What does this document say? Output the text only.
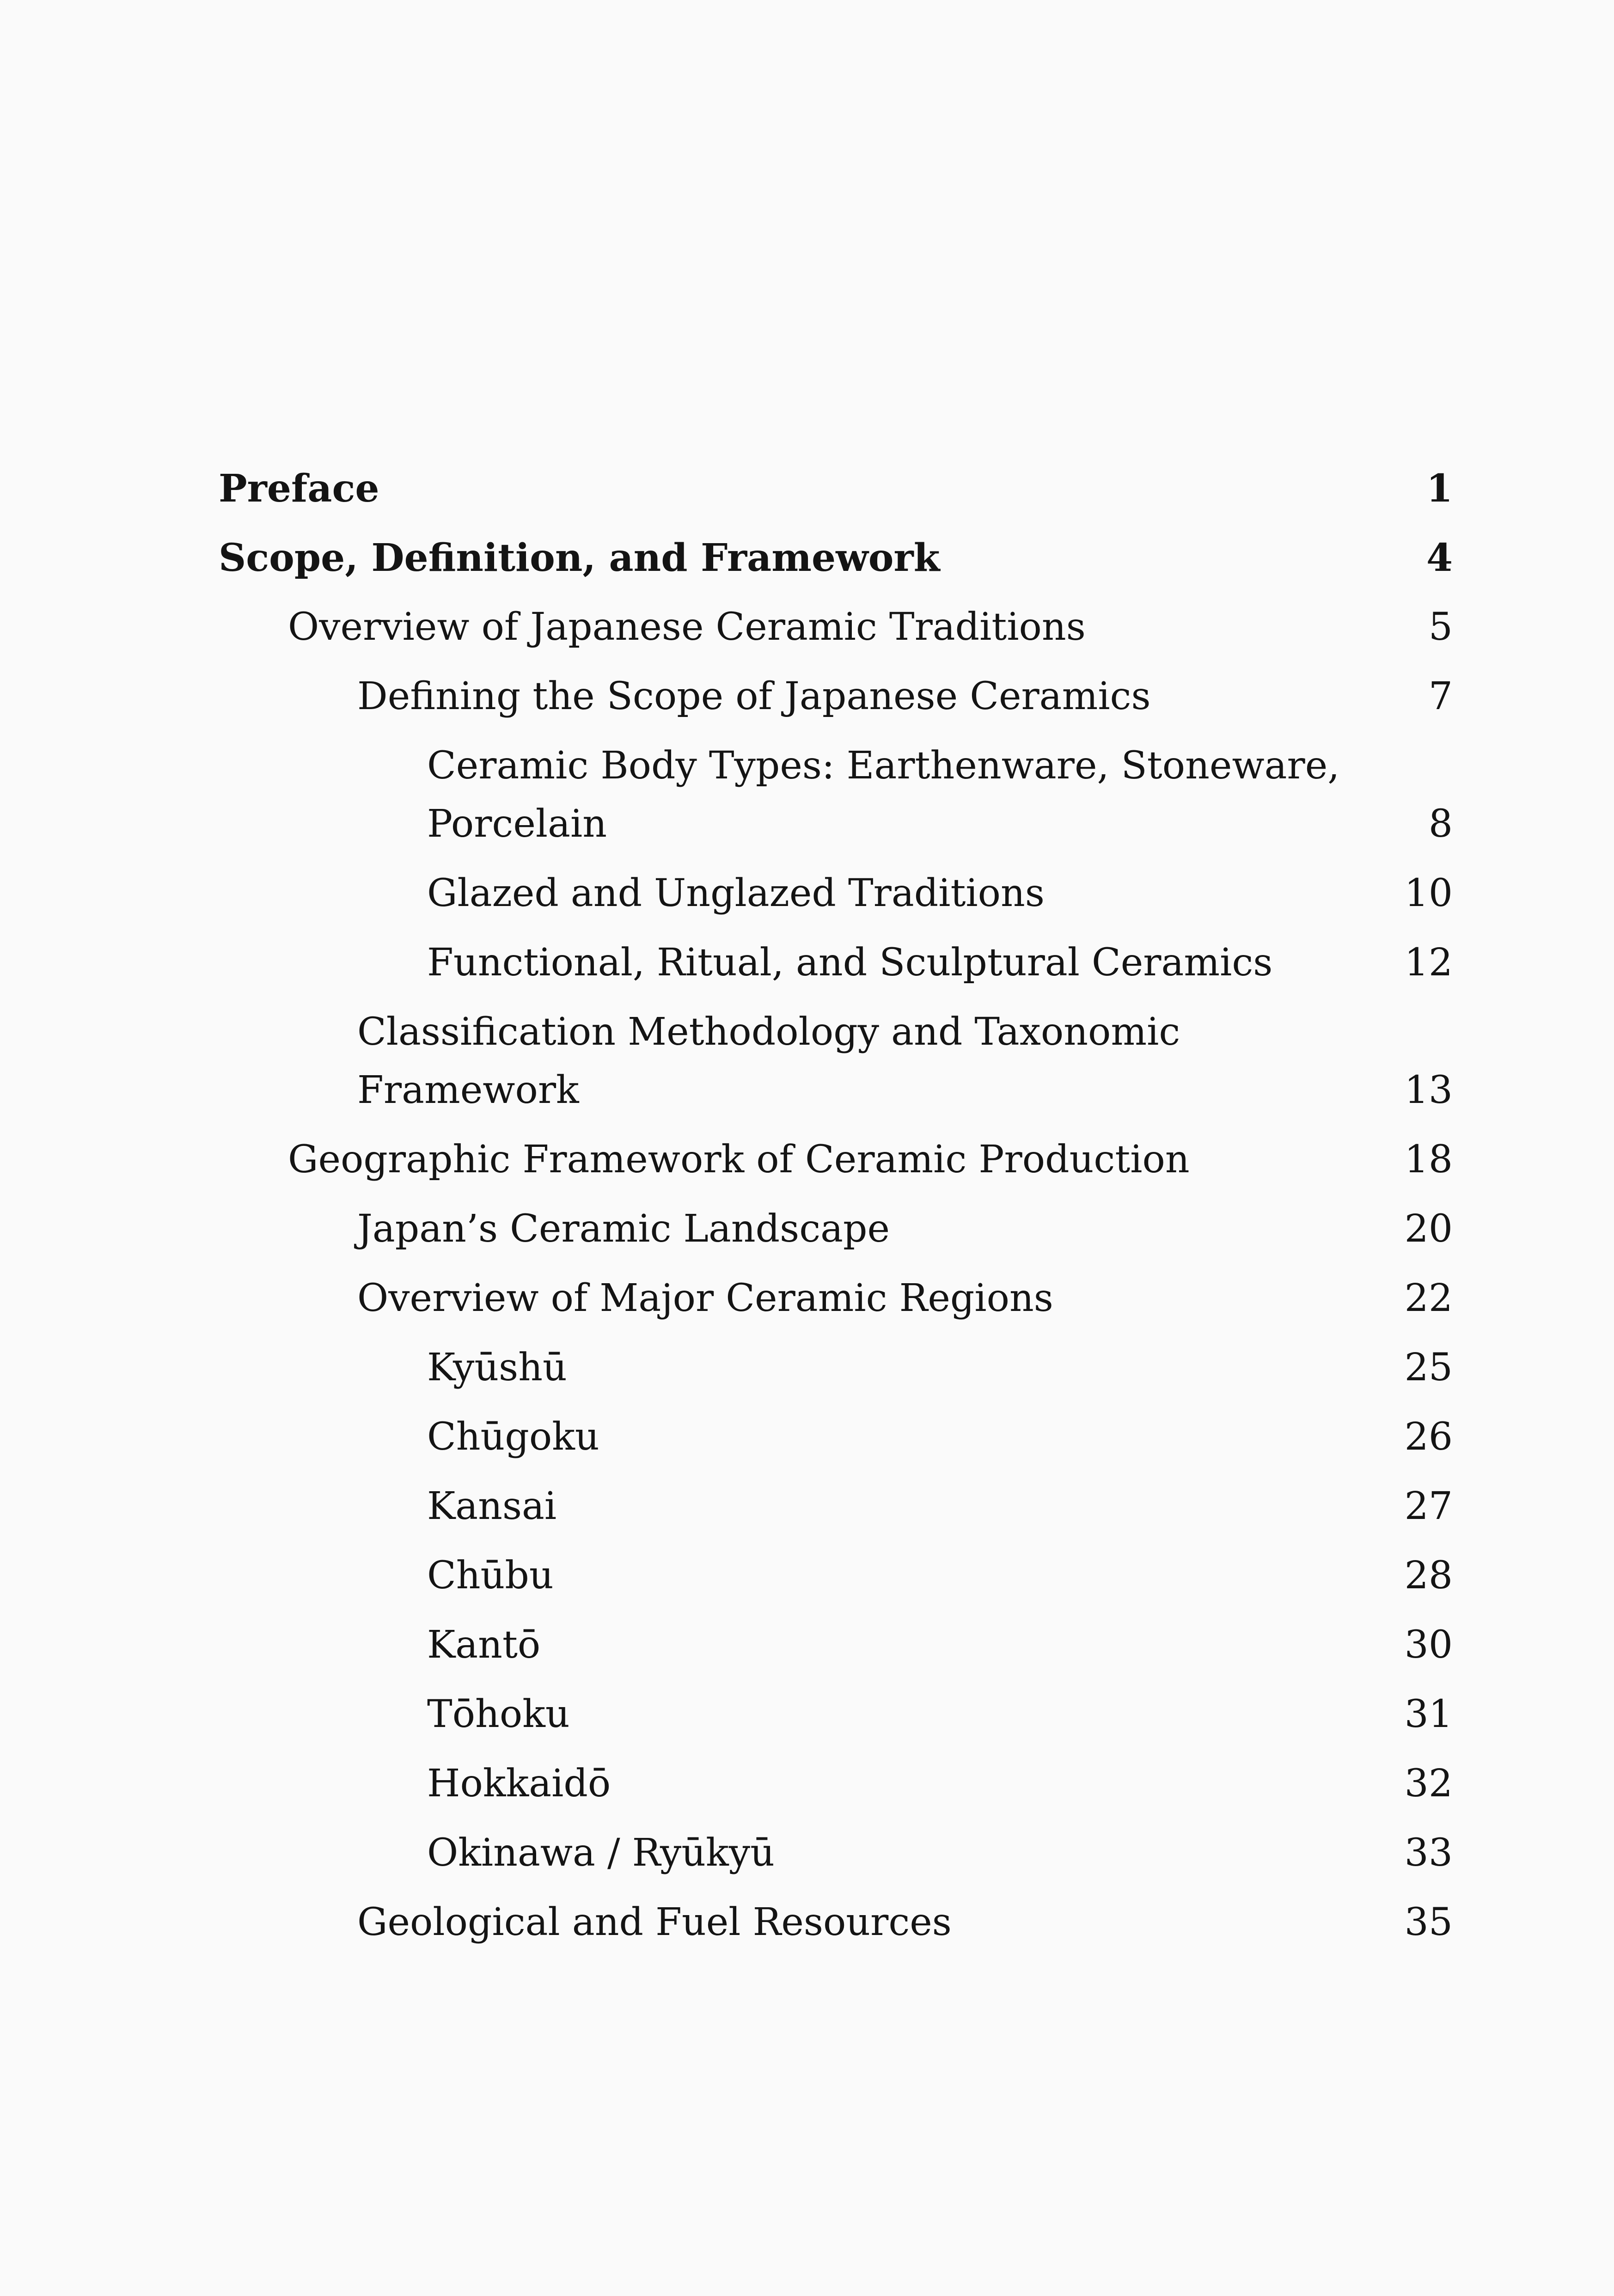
Preface	1
Scope, Definition, and Framework	4
Overview of Japanese Ceramic Traditions	5
Defining the Scope of Japanese Ceramics	7
Ceramic Body Types: Earthenware, Stoneware, Porcelain	8
Glazed and Unglazed Traditions	10
Functional, Ritual, and Sculptural Ceramics	12
Classification Methodology and Taxonomic Framework	13
Geographic Framework of Ceramic Production	18
Japan’s Ceramic Landscape	20
Overview of Major Ceramic Regions	22
Kyūshū	25
Chūgoku	26
Kansai	27
Chūbu	28
Kantō	30
Tōhoku	31
Hokkaidō	32
Okinawa / Ryūkyū	33
Geological and Fuel Resources	35
